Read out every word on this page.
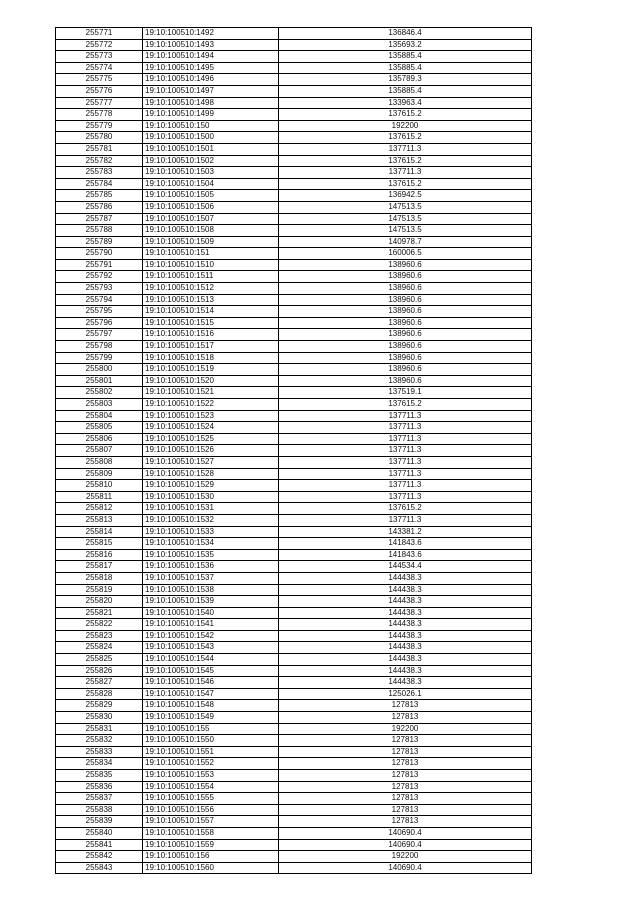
255771	19:10:100510:1492	136846.4
255772	19:10:100510:1493	135693.2
255773	19:10:100510:1494	135885.4
255774	19:10:100510:1495	135885.4
255775	19:10:100510:1496	135789.3
255776	19:10:100510:1497	135885.4
255777	19:10:100510:1498	133963.4
255778	19:10:100510:1499	137615.2
255779	19:10:100510:150	192200
255780	19:10:100510:1500	137615.2
255781	19:10:100510:1501	137711.3
255782	19:10:100510:1502	137615.2
255783	19:10:100510:1503	137711.3
255784	19:10:100510:1504	137615.2
255785	19:10:100510:1505	136942.5
255786	19:10:100510:1506	147513.5
255787	19:10:100510:1507	147513.5
255788	19:10:100510:1508	147513.5
255789	19:10:100510:1509	140978.7
255790	19:10:100510:151	160006.5
255791	19:10:100510:1510	138960.6
255792	19:10:100510:1511	138960.6
255793	19:10:100510:1512	138960.6
255794	19:10:100510:1513	138960.6
255795	19:10:100510:1514	138960.6
255796	19:10:100510:1515	138960.6
255797	19:10:100510:1516	138960.6
255798	19:10:100510:1517	138960.6
255799	19:10:100510:1518	138960.6
255800	19:10:100510:1519	138960.6
255801	19:10:100510:1520	138960.6
255802	19:10:100510:1521	137519.1
255803	19:10:100510:1522	137615.2
255804	19:10:100510:1523	137711.3
255805	19:10:100510:1524	137711.3
255806	19:10:100510:1525	137711.3
255807	19:10:100510:1526	137711.3
255808	19:10:100510:1527	137711.3
255809	19:10:100510:1528	137711.3
255810	19:10:100510:1529	137711.3
255811	19:10:100510:1530	137711.3
255812	19:10:100510:1531	137615.2
255813	19:10:100510:1532	137711.3
255814	19:10:100510:1533	143381.2
255815	19:10:100510:1534	141843.6
255816	19:10:100510:1535	141843.6
255817	19:10:100510:1536	144534.4
255818	19:10:100510:1537	144438.3
255819	19:10:100510:1538	144438.3
255820	19:10:100510:1539	144438.3
255821	19:10:100510:1540	144438.3
255822	19:10:100510:1541	144438.3
255823	19:10:100510:1542	144438.3
255824	19:10:100510:1543	144438.3
255825	19:10:100510:1544	144438.3
255826	19:10:100510:1545	144438.3
255827	19:10:100510:1546	144438.3
255828	19:10:100510:1547	125026.1
255829	19:10:100510:1548	127813
255830	19:10:100510:1549	127813
255831	19:10:100510:155	192200
255832	19:10:100510:1550	127813
255833	19:10:100510:1551	127813
255834	19:10:100510:1552	127813
255835	19:10:100510:1553	127813
255836	19:10:100510:1554	127813
255837	19:10:100510:1555	127813
255838	19:10:100510:1556	127813
255839	19:10:100510:1557	127813
255840	19:10:100510:1558	140690.4
255841	19:10:100510:1559	140690.4
255842	19:10:100510:156	192200
255843	19:10:100510:1560	140690.4
